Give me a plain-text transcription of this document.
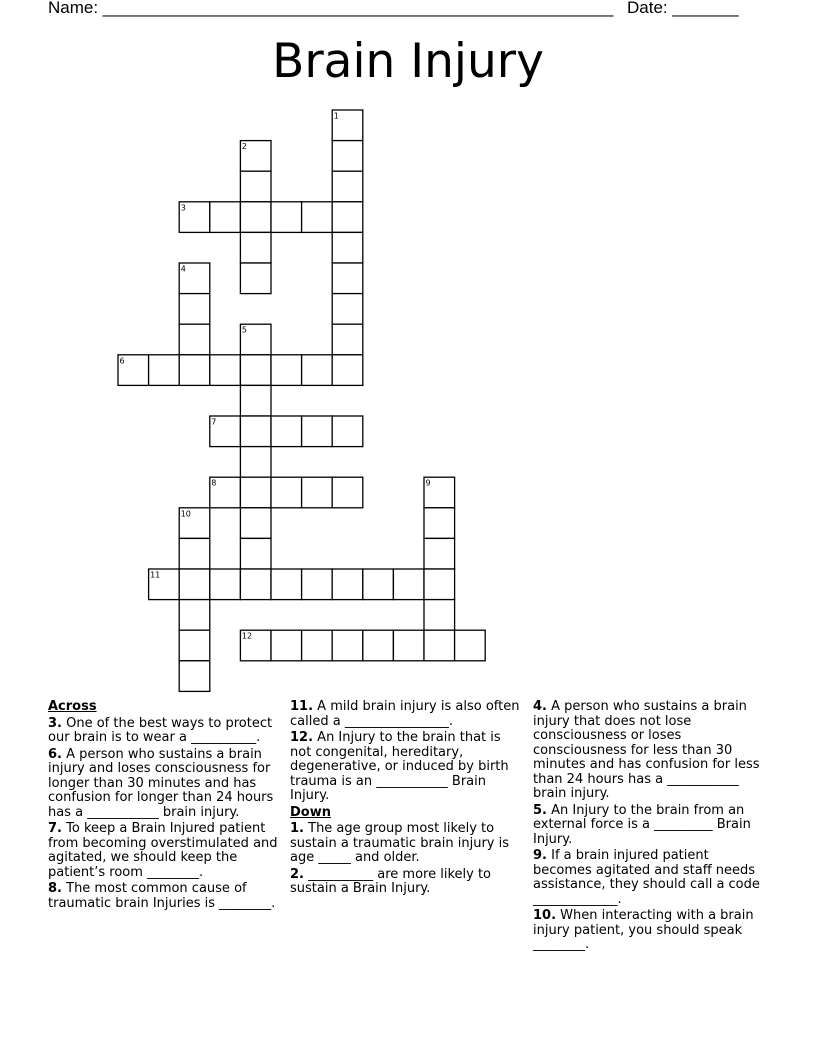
Name: ______________________________________________________ Date: _______
Brain Injury
1
2
3
4
5
6
7
8	9
10
11
12
Across
3. One of the best ways to protect our brain is to wear a __________.
6. A person who sustains a brain injury and loses consciousness for longer than 30 minutes and has confusion for longer than 24 hours has a ___________ brain injury.
7. To keep a Brain Injured patient from becoming overstimulated and agitated, we should keep the patient’s room ________.
8. The most common cause of traumatic brain Injuries is ________.
11. A mild brain injury is also often called a ________________.
12. An Injury to the brain that is not congenital, hereditary, degenerative, or induced by birth trauma is an ___________ Brain Injury.
Down
1. The age group most likely to sustain a traumatic brain injury is age _____ and older.
2. __________ are more likely to sustain a Brain Injury.
4. A person who sustains a brain injury that does not lose consciousness or loses consciousness for less than 30 minutes and has confusion for less than 24 hours has a ___________ brain injury.
5. An Injury to the brain from an external force is a _________ Brain Injury.
9. If a brain injured patient becomes agitated and staff needs assistance, they should call a code _____________.
10. When interacting with a brain injury patient, you should speak ________.
